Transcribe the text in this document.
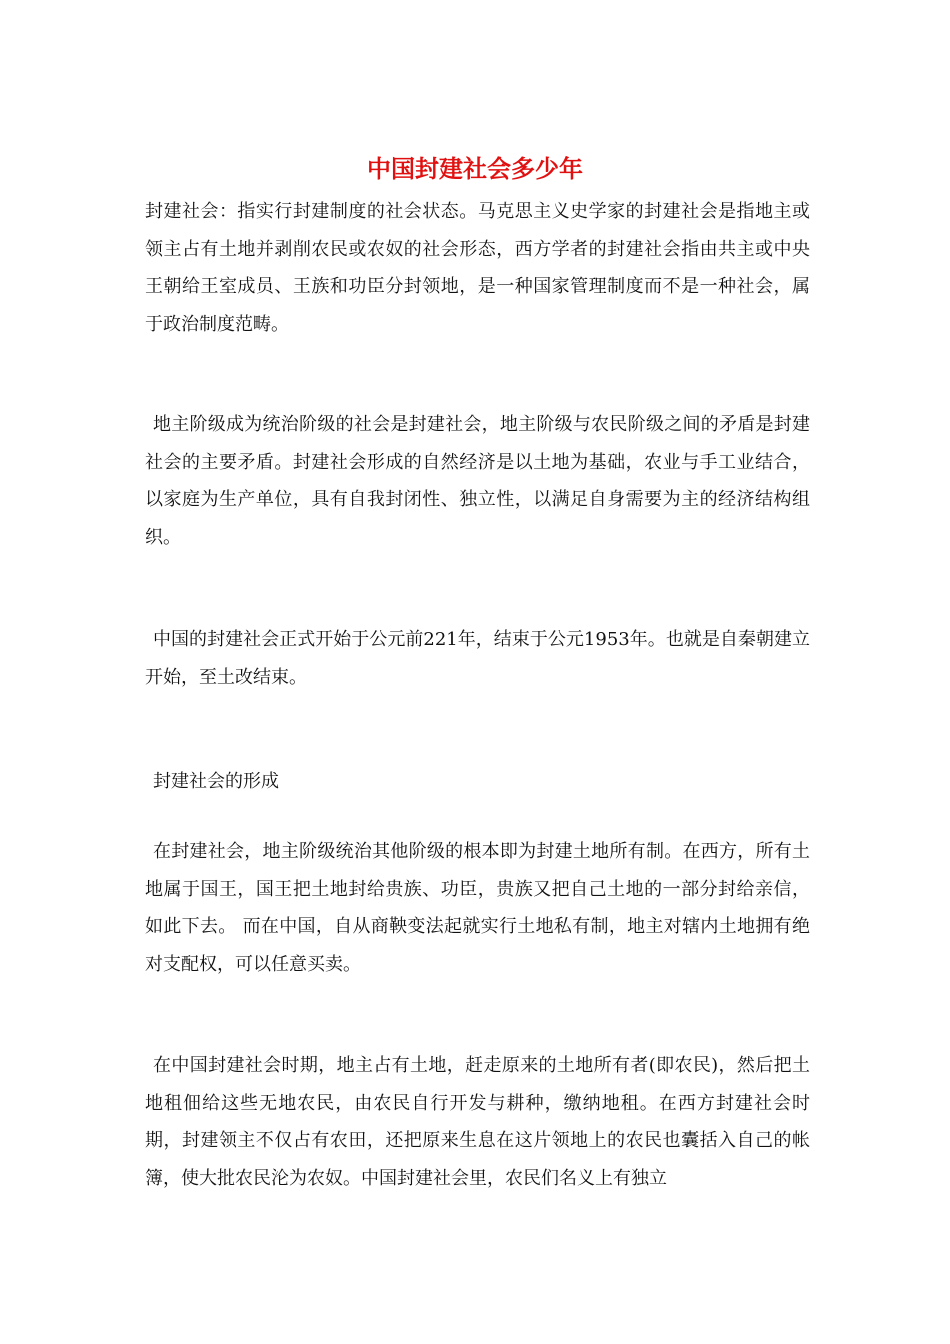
中国封建社会多少年

封建社会：指实行封建制度的社会状态。马克思主义史学家的封建社会是指地主或领主占有土地并剥削农民或农奴的社会形态，西方学者的封建社会指由共主或中央王朝给王室成员、王族和功臣分封领地，是一种国家管理制度而不是一种社会，属于政治制度范畴。

地主阶级成为统治阶级的社会是封建社会，地主阶级与农民阶级之间的矛盾是封建社会的主要矛盾。封建社会形成的自然经济是以土地为基础，农业与手工业结合，以家庭为生产单位，具有自我封闭性、独立性，以满足自身需要为主的经济结构组织。

中国的封建社会正式开始于公元前221年，结束于公元1953年。也就是自秦朝建立开始，至土改结束。

封建社会的形成

在封建社会，地主阶级统治其他阶级的根本即为封建土地所有制。在西方，所有土地属于国王，国王把土地封给贵族、功臣，贵族又把自己土地的一部分封给亲信，如此下去。 而在中国，自从商鞅变法起就实行土地私有制，地主对辖内土地拥有绝对支配权，可以任意买卖。

在中国封建社会时期，地主占有土地，赶走原来的土地所有者(即农民)，然后把土地租佃给这些无地农民，由农民自行开发与耕种，缴纳地租。在西方封建社会时期，封建领主不仅占有农田，还把原来生息在这片领地上的农民也囊括入自己的帐簿，使大批农民沦为农奴。中国封建社会里，农民们名义上有独立
